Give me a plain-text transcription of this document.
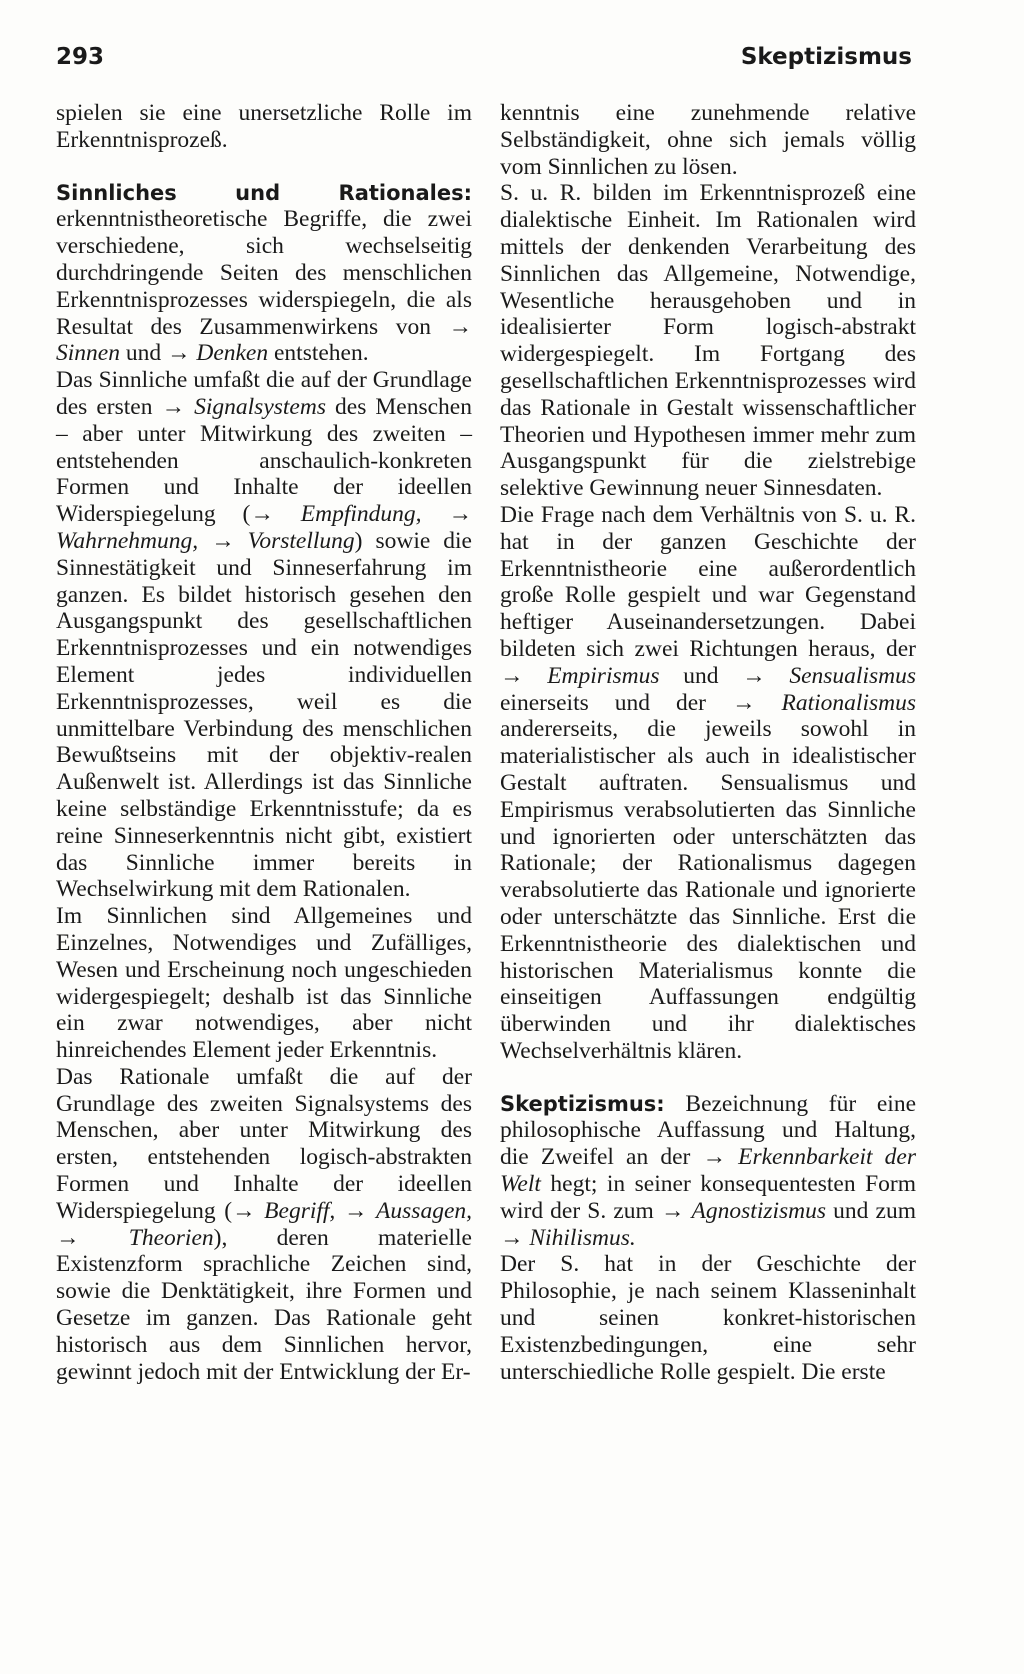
293	Skeptizismus

spielen sie eine unersetzliche Rolle im Erkenntnisprozeß.

Sinnliches und Rationales: erkenntnistheoretische Begriffe, die zwei verschiedene, sich wechselseitig durchdringende Seiten des menschlichen Erkenntnisprozesses widerspiegeln, die als Resultat des Zusammenwirkens von → Sinnen und → Denken entstehen.

Das Sinnliche umfaßt die auf der Grundlage des ersten → Signalsystems des Menschen – aber unter Mitwirkung des zweiten – entstehenden anschaulich-konkreten Formen und Inhalte der ideellen Widerspiegelung (→ Empfindung, → Wahrnehmung, → Vorstellung) sowie die Sinnestätigkeit und Sinneserfahrung im ganzen. Es bildet historisch gesehen den Ausgangspunkt des gesellschaftlichen Erkenntnisprozesses und ein notwendiges Element jedes individuellen Erkenntnisprozesses, weil es die unmittelbare Verbindung des menschlichen Bewußtseins mit der objektiv-realen Außenwelt ist. Allerdings ist das Sinnliche keine selbständige Erkenntnisstufe; da es reine Sinneserkenntnis nicht gibt, existiert das Sinnliche immer bereits in Wechselwirkung mit dem Rationalen.

Im Sinnlichen sind Allgemeines und Einzelnes, Notwendiges und Zufälliges, Wesen und Erscheinung noch ungeschieden widergespiegelt; deshalb ist das Sinnliche ein zwar notwendiges, aber nicht hinreichendes Element jeder Erkenntnis.

Das Rationale umfaßt die auf der Grundlage des zweiten Signalsystems des Menschen, aber unter Mitwirkung des ersten, entstehenden logisch-abstrakten Formen und Inhalte der ideellen Widerspiegelung (→ Begriff, → Aussagen, → Theorien), deren materielle Existenzform sprachliche Zeichen sind, sowie die Denktätigkeit, ihre Formen und Gesetze im ganzen. Das Rationale geht historisch aus dem Sinnlichen hervor, gewinnt jedoch mit der Entwicklung der Er-

kenntnis eine zunehmende relative Selbständigkeit, ohne sich jemals völlig vom Sinnlichen zu lösen.

S. u. R. bilden im Erkenntnisprozeß eine dialektische Einheit. Im Rationalen wird mittels der denkenden Verarbeitung des Sinnlichen das Allgemeine, Notwendige, Wesentliche herausgehoben und in idealisierter Form logisch-abstrakt widergespiegelt. Im Fortgang des gesellschaftlichen Erkenntnisprozesses wird das Rationale in Gestalt wissenschaftlicher Theorien und Hypothesen immer mehr zum Ausgangspunkt für die zielstrebige selektive Gewinnung neuer Sinnesdaten.

Die Frage nach dem Verhältnis von S. u. R. hat in der ganzen Geschichte der Erkenntnistheorie eine außerordentlich große Rolle gespielt und war Gegenstand heftiger Auseinandersetzungen. Dabei bildeten sich zwei Richtungen heraus, der → Empirismus und → Sensualismus einerseits und der → Rationalismus andererseits, die jeweils sowohl in materialistischer als auch in idealistischer Gestalt auftraten. Sensualismus und Empirismus verabsolutierten das Sinnliche und ignorierten oder unterschätzten das Rationale; der Rationalismus dagegen verabsolutierte das Rationale und ignorierte oder unterschätzte das Sinnliche. Erst die Erkenntnistheorie des dialektischen und historischen Materialismus konnte die einseitigen Auffassungen endgültig überwinden und ihr dialektisches Wechselverhältnis klären.

Skeptizismus: Bezeichnung für eine philosophische Auffassung und Haltung, die Zweifel an der → Erkennbarkeit der Welt hegt; in seiner konsequentesten Form wird der S. zum → Agnostizismus und zum → Nihilismus.

Der S. hat in der Geschichte der Philosophie, je nach seinem Klasseninhalt und seinen konkret-historischen Existenzbedingungen, eine sehr unterschiedliche Rolle gespielt. Die erste
